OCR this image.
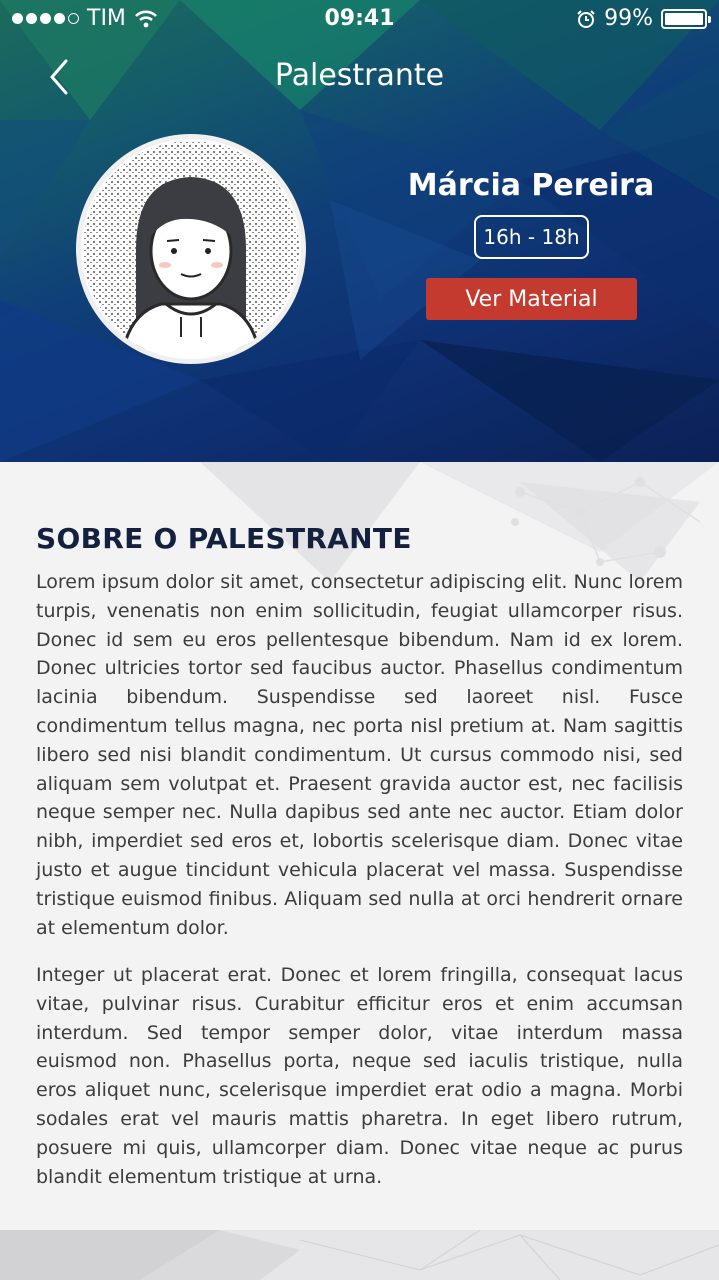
TIM	09:41	99%
Palestrante
Márcia Pereira
16h - 18h
Ver Material
SOBRE O PALESTRANTE

Lorem ipsum dolor sit amet, consectetur adipiscing elit. Nunc lorem turpis, venenatis non enim sollicitudin, feugiat ullamcorper risus. Donec id sem eu eros pellentesque bibendum. Nam id ex lorem. Donec ultricies tortor sed faucibus auctor. Phasellus condimentum lacinia bibendum. Suspendisse sed laoreet nisl. Fusce condimentum tellus magna, nec porta nisl pretium at. Nam sagittis libero sed nisi blandit condimentum. Ut cursus commodo nisi, sed aliquam sem volutpat et. Praesent gravida auctor est, nec facilisis neque semper nec. Nulla dapibus sed ante nec auctor. Etiam dolor nibh, imperdiet sed eros et, lobortis scelerisque diam. Donec vitae justo et augue tincidunt vehicula placerat vel massa. Suspendisse tristique euismod finibus. Aliquam sed nulla at orci hendrerit ornare at elementum dolor.

Integer ut placerat erat. Donec et lorem fringilla, consequat lacus vitae, pulvinar risus. Curabitur efficitur eros et enim accumsan interdum. Sed tempor semper dolor, vitae interdum massa euismod non. Phasellus porta, neque sed iaculis tristique, nulla eros aliquet nunc, scelerisque imperdiet erat odio a magna. Morbi sodales erat vel mauris mattis pharetra. In eget libero rutrum, posuere mi quis, ullamcorper diam. Donec vitae neque ac purus blandit elementum tristique at urna.
